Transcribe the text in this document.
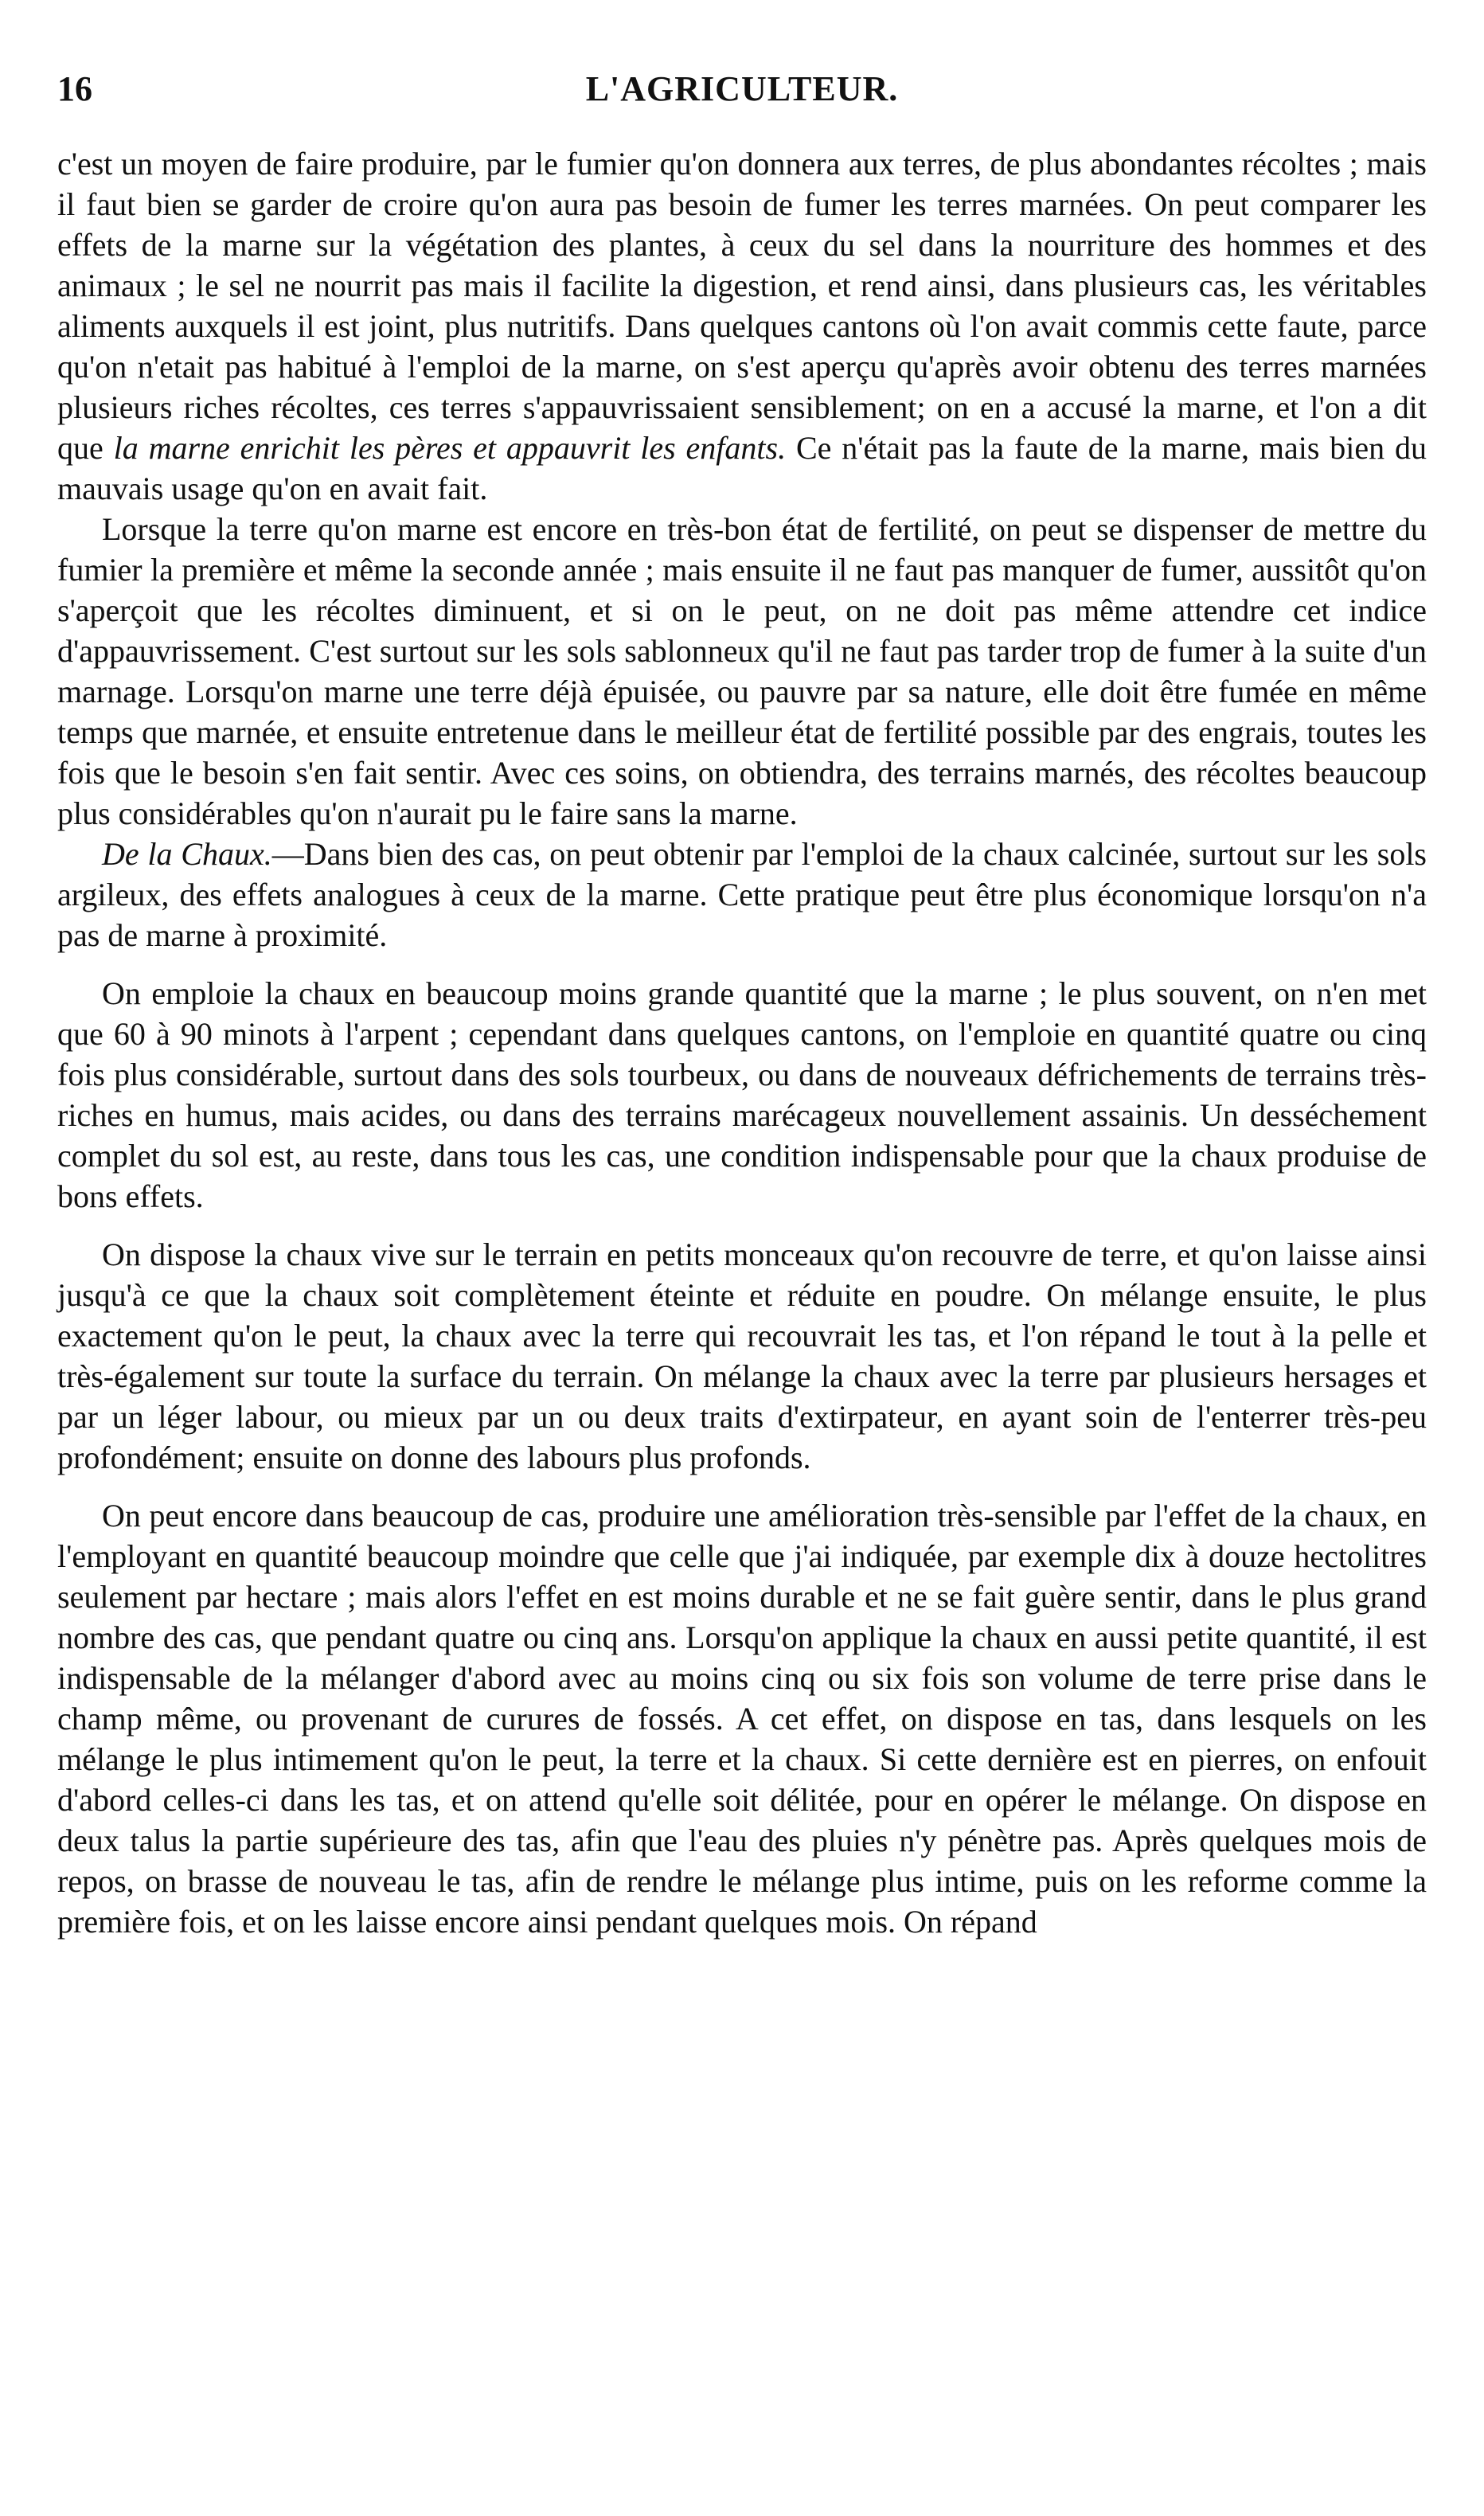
16	L'AGRICULTEUR.

c'est un moyen de faire produire, par le fumier qu'on donnera aux terres, de plus abondantes récoltes ; mais il faut bien se garder de croire qu'on aura pas besoin de fumer les terres marnées. On peut comparer les effets de la marne sur la végétation des plantes, à ceux du sel dans la nourriture des hommes et des animaux ; le sel ne nourrit pas mais il facilite la digestion, et rend ainsi, dans plusieurs cas, les véritables aliments auxquels il est joint, plus nutritifs. Dans quelques cantons où l'on avait commis cette faute, parce qu'on n'etait pas habitué à l'emploi de la marne, on s'est aperçu qu'après avoir obtenu des terres marnées plusieurs riches récoltes, ces terres s'appauvrissaient sensiblement; on en a accusé la marne, et l'on a dit que la marne enrichit les pères et appauvrit les enfants. Ce n'était pas la faute de la marne, mais bien du mauvais usage qu'on en avait fait.

Lorsque la terre qu'on marne est encore en très-bon état de fertilité, on peut se dispenser de mettre du fumier la première et même la seconde année ; mais ensuite il ne faut pas manquer de fumer, aussitôt qu'on s'aperçoit que les récoltes diminuent, et si on le peut, on ne doit pas même attendre cet indice d'appauvrissement. C'est surtout sur les sols sablonneux qu'il ne faut pas tarder trop de fumer à la suite d'un marnage. Lorsqu'on marne une terre déjà épuisée, ou pauvre par sa nature, elle doit être fumée en même temps que marnée, et ensuite entretenue dans le meilleur état de fertilité possible par des engrais, toutes les fois que le besoin s'en fait sentir. Avec ces soins, on obtiendra, des terrains marnés, des récoltes beaucoup plus considérables qu'on n'aurait pu le faire sans la marne.

De la Chaux.—Dans bien des cas, on peut obtenir par l'emploi de la chaux calcinée, surtout sur les sols argileux, des effets analogues à ceux de la marne. Cette pratique peut être plus économique lorsqu'on n'a pas de marne à proximité.

On emploie la chaux en beaucoup moins grande quantité que la marne ; le plus souvent, on n'en met que 60 à 90 minots à l'arpent ; cependant dans quelques cantons, on l'emploie en quantité quatre ou cinq fois plus considérable, surtout dans des sols tourbeux, ou dans de nouveaux défrichements de terrains très-riches en humus, mais acides, ou dans des terrains marécageux nouvellement assainis. Un desséchement complet du sol est, au reste, dans tous les cas, une condition indispensable pour que la chaux produise de bons effets.

On dispose la chaux vive sur le terrain en petits monceaux qu'on recouvre de terre, et qu'on laisse ainsi jusqu'à ce que la chaux soit complètement éteinte et réduite en poudre. On mélange ensuite, le plus exactement qu'on le peut, la chaux avec la terre qui recouvrait les tas, et l'on répand le tout à la pelle et très-également sur toute la surface du terrain. On mélange la chaux avec la terre par plusieurs hersages et par un léger labour, ou mieux par un ou deux traits d'extirpateur, en ayant soin de l'enterrer très-peu profondément; ensuite on donne des labours plus profonds.

On peut encore dans beaucoup de cas, produire une amélioration très-sensible par l'effet de la chaux, en l'employant en quantité beaucoup moindre que celle que j'ai indiquée, par exemple dix à douze hectolitres seulement par hectare ; mais alors l'effet en est moins durable et ne se fait guère sentir, dans le plus grand nombre des cas, que pendant quatre ou cinq ans. Lorsqu'on applique la chaux en aussi petite quantité, il est indispensable de la mélanger d'abord avec au moins cinq ou six fois son volume de terre prise dans le champ même, ou provenant de curures de fossés. A cet effet, on dispose en tas, dans lesquels on les mélange le plus intimement qu'on le peut, la terre et la chaux. Si cette dernière est en pierres, on enfouit d'abord celles-ci dans les tas, et on attend qu'elle soit délitée, pour en opérer le mélange. On dispose en deux talus la partie supérieure des tas, afin que l'eau des pluies n'y pénètre pas. Après quelques mois de repos, on brasse de nouveau le tas, afin de rendre le mélange plus intime, puis on les reforme comme la première fois, et on les laisse encore ainsi pendant quelques mois. On répand
